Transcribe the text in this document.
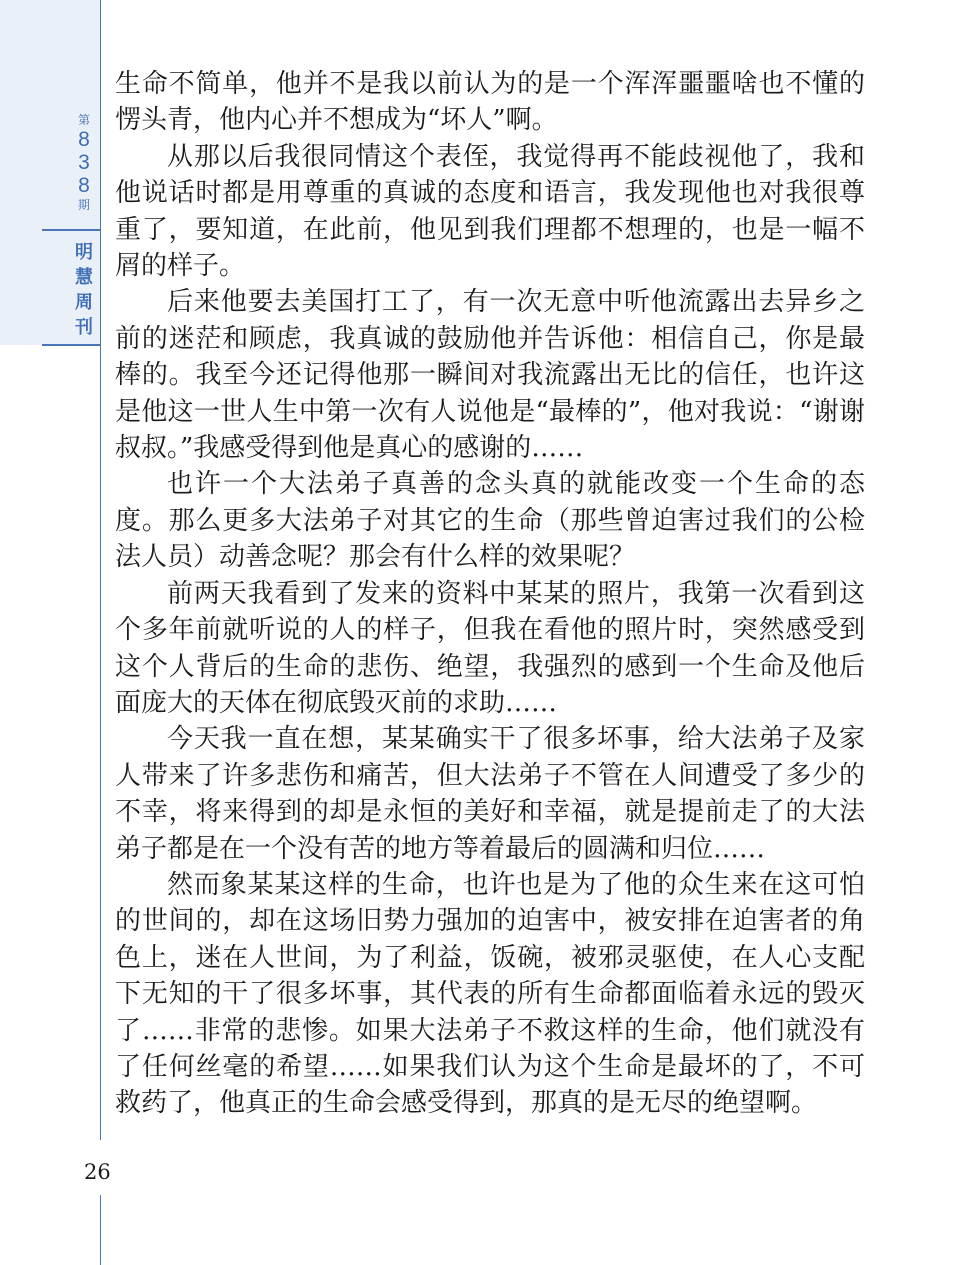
第
8
3
8
期
明
慧
周
刊

生命不简单，他并不是我以前认为的是一个浑浑噩噩啥也不懂的愣头青，他内心并不想成为“坏人”啊。

从那以后我很同情这个表侄，我觉得再不能歧视他了，我和他说话时都是用尊重的真诚的态度和语言，我发现他也对我很尊重了，要知道，在此前，他见到我们理都不想理的，也是一幅不屑的样子。

后来他要去美国打工了，有一次无意中听他流露出去异乡之前的迷茫和顾虑，我真诚的鼓励他并告诉他：相信自己，你是最棒的。我至今还记得他那一瞬间对我流露出无比的信任，也许这是他这一世人生中第一次有人说他是“最棒的”，他对我说：“谢谢叔叔。”我感受得到他是真心的感谢的……

也许一个大法弟子真善的念头真的就能改变一个生命的态度。那么更多大法弟子对其它的生命（那些曾迫害过我们的公检法人员）动善念呢？那会有什么样的效果呢？

前两天我看到了发来的资料中某某的照片，我第一次看到这个多年前就听说的人的样子，但我在看他的照片时，突然感受到这个人背后的生命的悲伤、绝望，我强烈的感到一个生命及他后面庞大的天体在彻底毁灭前的求助……

今天我一直在想，某某确实干了很多坏事，给大法弟子及家人带来了许多悲伤和痛苦，但大法弟子不管在人间遭受了多少的不幸，将来得到的却是永恒的美好和幸福，就是提前走了的大法弟子都是在一个没有苦的地方等着最后的圆满和归位……

然而象某某这样的生命，也许也是为了他的众生来在这可怕的世间的，却在这场旧势力强加的迫害中，被安排在迫害者的角色上，迷在人世间，为了利益，饭碗，被邪灵驱使，在人心支配下无知的干了很多坏事，其代表的所有生命都面临着永远的毁灭了……非常的悲惨。如果大法弟子不救这样的生命，他们就没有了任何丝毫的希望……如果我们认为这个生命是最坏的了，不可救药了，他真正的生命会感受得到，那真的是无尽的绝望啊。

26
